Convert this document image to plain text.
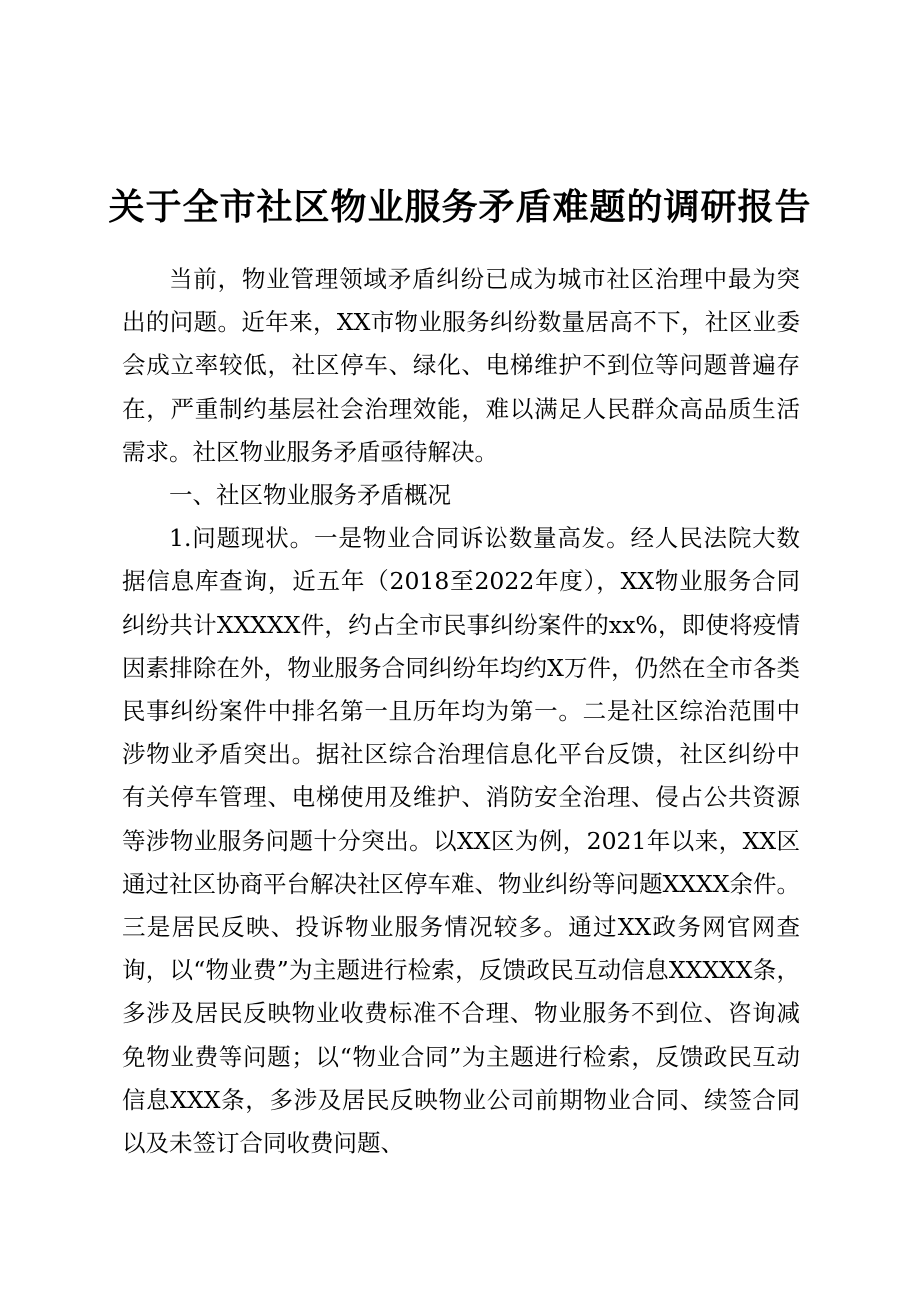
关于全市社区物业服务矛盾难题的调研报告

当前，物业管理领域矛盾纠纷已成为城市社区治理中最为突出的问题。近年来，XX市物业服务纠纷数量居高不下，社区业委会成立率较低，社区停车、绿化、电梯维护不到位等问题普遍存在，严重制约基层社会治理效能，难以满足人民群众高品质生活需求。社区物业服务矛盾亟待解决。

一、社区物业服务矛盾概况

1.问题现状。一是物业合同诉讼数量高发。经人民法院大数据信息库查询，近五年（2018至2022年度），XX物业服务合同纠纷共计XXXXX件，约占全市民事纠纷案件的xx%，即使将疫情因素排除在外，物业服务合同纠纷年均约X万件，仍然在全市各类民事纠纷案件中排名第一且历年均为第一。二是社区综治范围中涉物业矛盾突出。据社区综合治理信息化平台反馈，社区纠纷中有关停车管理、电梯使用及维护、消防安全治理、侵占公共资源等涉物业服务问题十分突出。以XX区为例，2021年以来，XX区通过社区协商平台解决社区停车难、物业纠纷等问题XXXX余件。三是居民反映、投诉物业服务情况较多。通过XX政务网官网查询，以“物业费”为主题进行检索，反馈政民互动信息XXXXX条，多涉及居民反映物业收费标准不合理、物业服务不到位、咨询减免物业费等问题；以“物业合同”为主题进行检索，反馈政民互动信息XXX条，多涉及居民反映物业公司前期物业合同、续签合同以及未签订合同收费问题、
